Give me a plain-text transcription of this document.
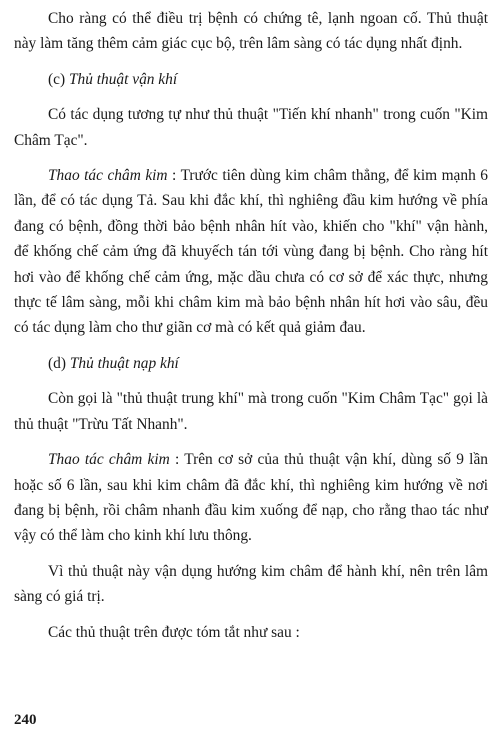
Cho ràng có thể điều trị bệnh có chứng tê, lạnh ngoan cố. Thủ thuật này làm tăng thêm cảm giác cục bộ, trên lâm sàng có tác dụng nhất định.

(c) Thủ thuật vận khí

Có tác dụng tương tự như thủ thuật "Tiến khí nhanh" trong cuốn "Kim Châm Tạc".

Thao tác châm kim : Trước tiên dùng kim châm thẳng, để kim mạnh 6 lần, để có tác dụng Tả. Sau khi đắc khí, thì nghiêng đầu kim hướng về phía đang có bệnh, đồng thời bảo bệnh nhân hít vào, khiến cho "khí" vận hành, để khống chế cảm ứng đã khuyếch tán tới vùng đang bị bệnh. Cho ràng hít hơi vào để khống chế cảm ứng, mặc dầu chưa có cơ sở để xác thực, nhưng thực tế lâm sàng, mỗi khi châm kim mà bảo bệnh nhân hít hơi vào sâu, đều có tác dụng làm cho thư giãn cơ mà có kết quả giảm đau.

(d) Thủ thuật nạp khí

Còn gọi là "thủ thuật trung khí" mà trong cuốn "Kim Châm Tạc" gọi là thủ thuật "Trừu Tất Nhanh".

Thao tác châm kim : Trên cơ sở của thủ thuật vận khí, dùng số 9 lần hoặc số 6 lần, sau khi kim châm đã đắc khí, thì nghiêng kim hướng về nơi đang bị bệnh, rồi châm nhanh đầu kim xuống để nạp, cho rằng thao tác như vậy có thể làm cho kinh khí lưu thông.

Vì thủ thuật này vận dụng hướng kim châm để hành khí, nên trên lâm sàng có giá trị.

Các thủ thuật trên được tóm tắt như sau :

240
